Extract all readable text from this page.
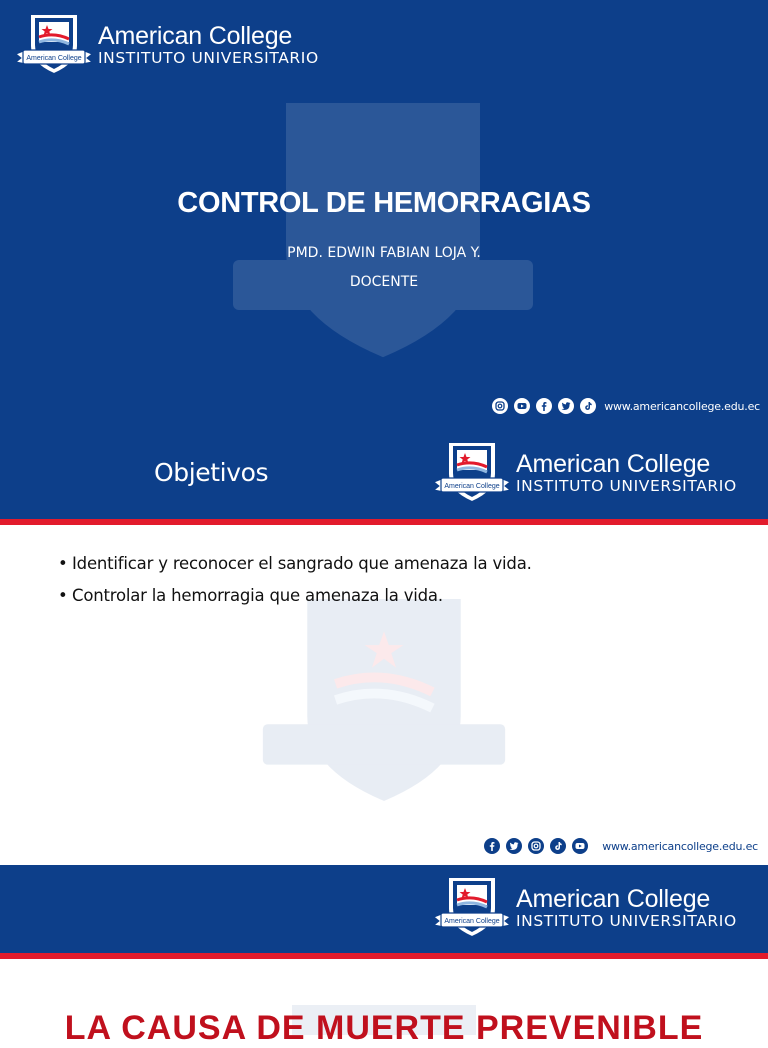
American College
American College
INSTITUTO UNIVERSITARIO
CONTROL DE HEMORRAGIAS
PMD. EDWIN FABIAN LOJA Y.
DOCENTE
www.americancollege.edu.ec
Objetivos	American College
American College
INSTITUTO UNIVERSITARIO
• Identificar y reconocer el sangrado que amenaza la vida.
• Controlar la hemorragia que amenaza la vida.
www.americancollege.edu.ec
American College
American College
INSTITUTO UNIVERSITARIO
LA CAUSA DE MUERTE PREVENIBLE
